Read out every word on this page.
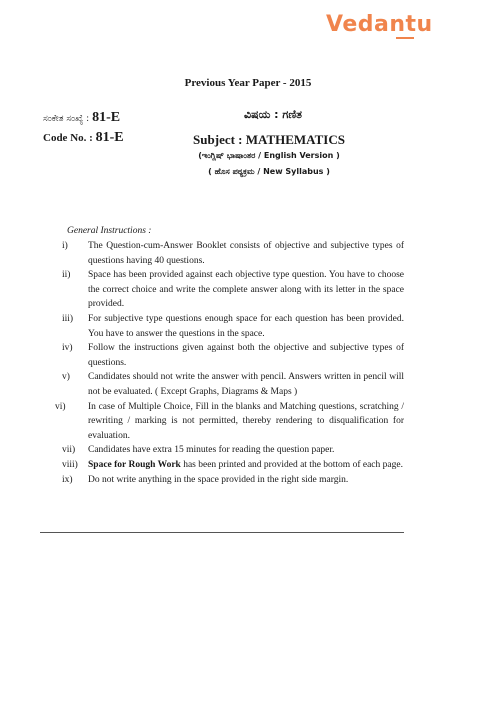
Vedantu
Previous Year Paper - 2015
ಸಂಕೇತ ಸಂಖ್ಯೆ : 81-E	ವಿಷಯ : ಗಣಿತ
Code No. : 81-E	Subject : MATHEMATICS
(ಇಂಗ್ಲಿಷ್ ಭಾಷಾಂತರ / English Version )
( ಹೊಸ ಪಠ್ಯಕ್ರಮ / New Syllabus )
General Instructions :
i)	The Question-cum-Answer Booklet consists of objective and subjective types of questions having 40 questions.
ii)	Space has been provided against each objective type question. You have to choose the correct choice and write the complete answer along with its letter in the space provided.
iii)	For subjective type questions enough space for each question has been provided. You have to answer the questions in the space.
iv)	Follow the instructions given against both the objective and subjective types of questions.
v)	Candidates should not write the answer with pencil. Answers written in pencil will not be evaluated. ( Except Graphs, Diagrams & Maps )
vi)	In case of Multiple Choice, Fill in the blanks and Matching questions, scratching / rewriting / marking is not permitted, thereby rendering to disqualification for evaluation.
vii)	Candidates have extra 15 minutes for reading the question paper.
viii)	Space for Rough Work has been printed and provided at the bottom of each page.
ix)	Do not write anything in the space provided in the right side margin.
